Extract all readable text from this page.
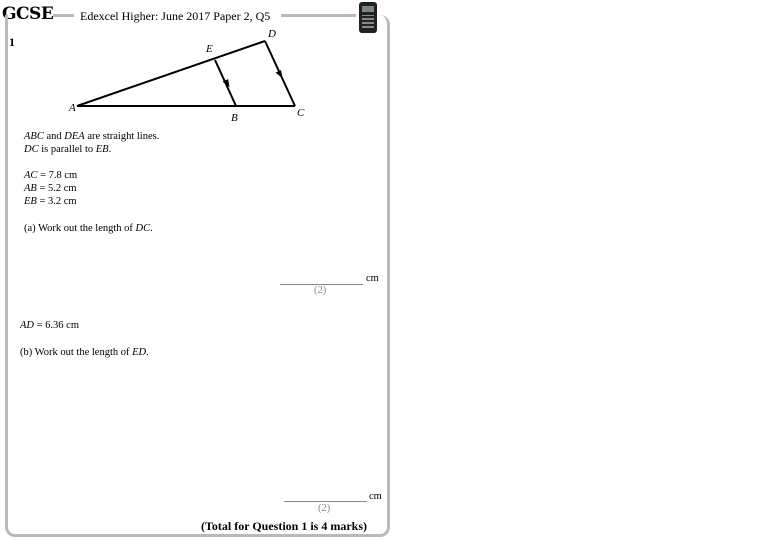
GCSE Edexcel Higher: June 2017 Paper 2, Q5
1
A
B	C
D
E
ABC and DEA are straight lines.
DC is parallel to EB.
AC = 7.8 cm
AB = 5.2 cm
EB = 3.2 cm
(a) Work out the length of DC.
cm
(2)
AD = 6.36 cm
(b) Work out the length of ED.
cm
(2)
(Total for Question 1 is 4 marks)
